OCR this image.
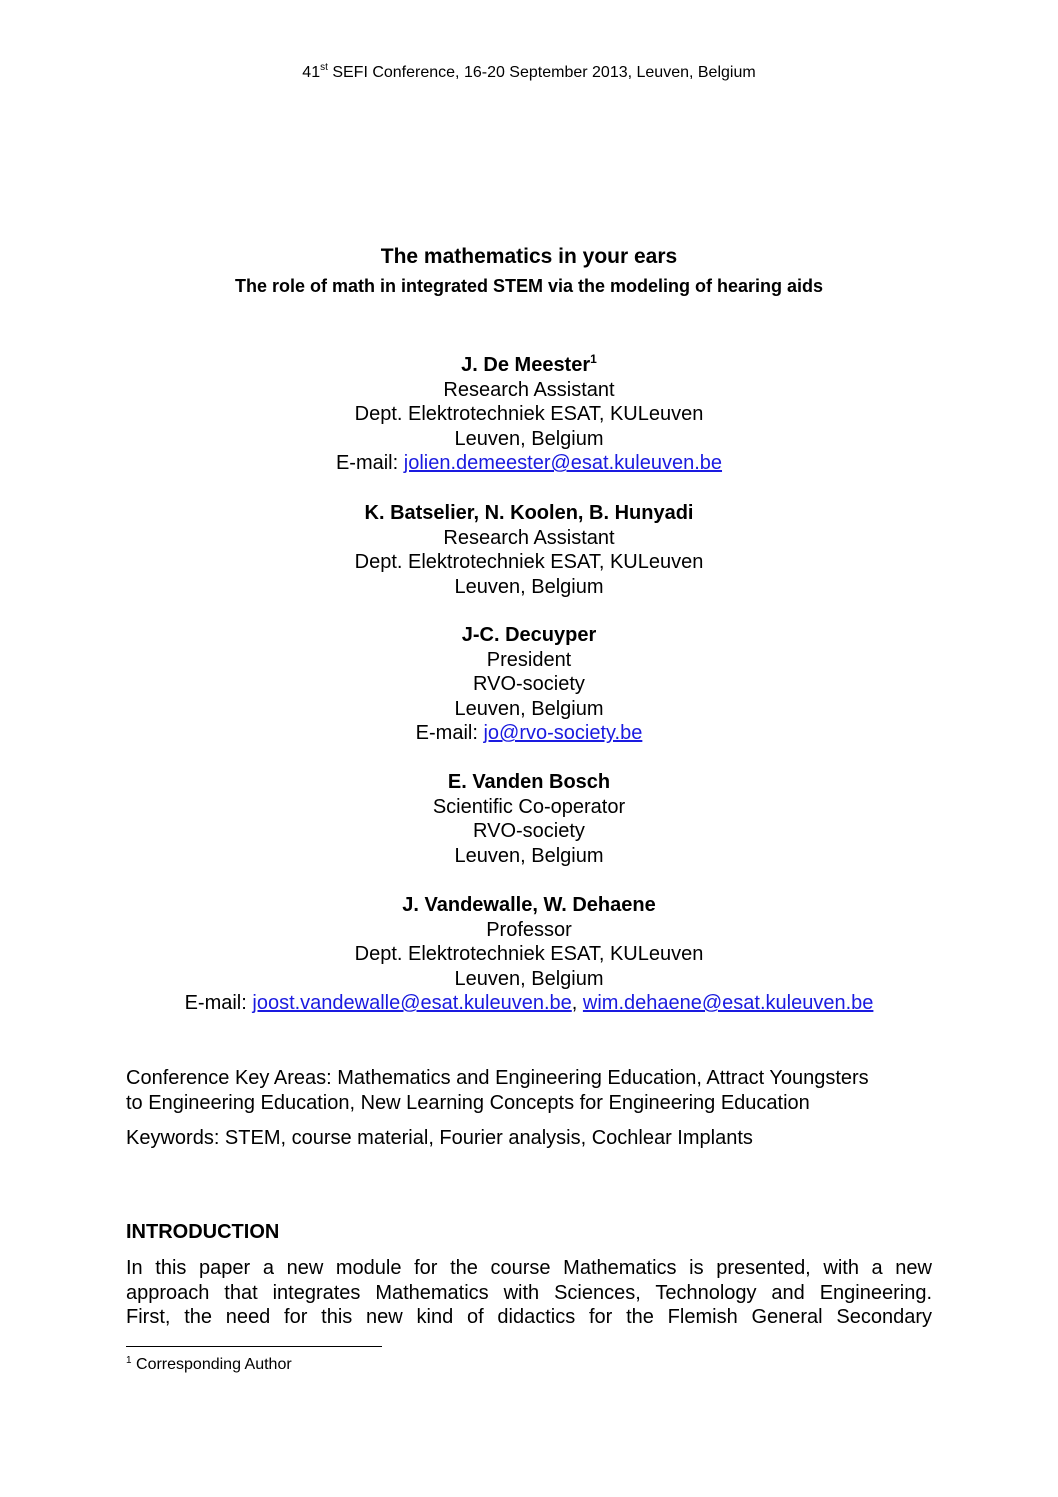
41st SEFI Conference, 16-20 September 2013, Leuven, Belgium
The mathematics in your ears
The role of math in integrated STEM via the modeling of hearing aids
J. De Meester$^1$
Research Assistant
Dept. Elektrotechniek ESAT, KULeuven
Leuven, Belgium
E-mail: jolien.demeester@esat.kuleuven.be
K. Batselier, N. Koolen, B. Hunyadi
Research Assistant
Dept. Elektrotechniek ESAT, KULeuven
Leuven, Belgium
J-C. Decuyper
President
RVO-society
Leuven, Belgium
E-mail: jo@rvo-society.be
E. Vanden Bosch
Scientific Co-operator
RVO-society
Leuven, Belgium
J. Vandewalle, W. Dehaene
Professor
Dept. Elektrotechniek ESAT, KULeuven
Leuven, Belgium
E-mail: joost.vandewalle@esat.kuleuven.be, wim.dehaene@esat.kuleuven.be
Conference Key Areas: Mathematics and Engineering Education, Attract Youngsters
to Engineering Education, New Learning Concepts for Engineering Education
Keywords: STEM, course material, Fourier analysis, Cochlear Implants
INTRODUCTION
In this paper a new module for the course Mathematics is presented, with a new
approach that integrates Mathematics with Sciences, Technology and Engineering.
First, the need for this new kind of didactics for the Flemish General Secondary
$^1$ Corresponding Author
